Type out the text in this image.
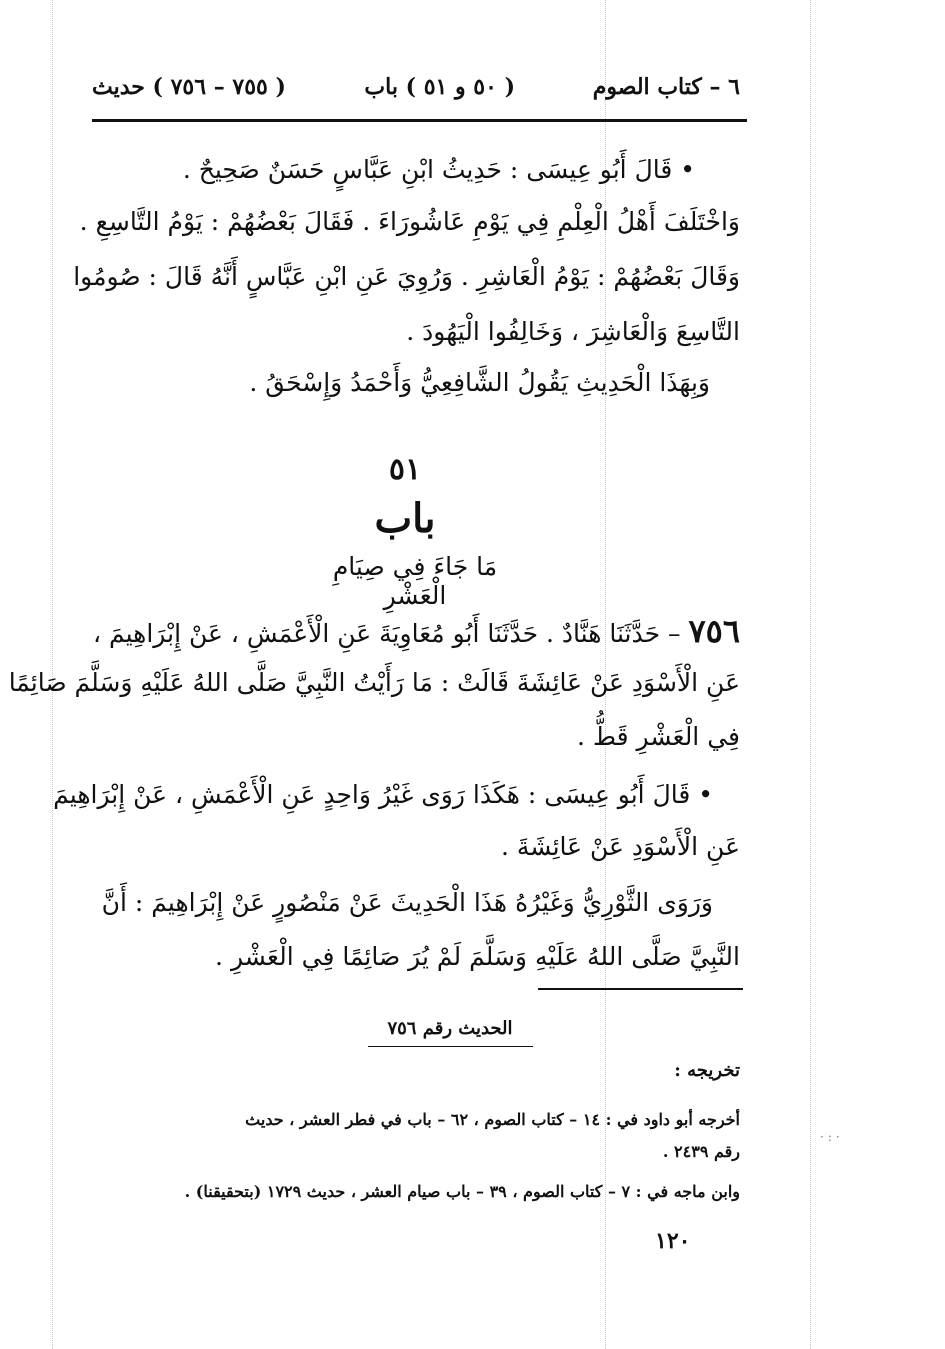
٦ – كتاب الصوم
( ٥٠ و ٥١ ) باب
( ٧٥٥ – ٧٥٦ ) حديث
• قَالَ أَبُو عِيسَى : حَدِيثُ ابْنِ عَبَّاسٍ حَسَنٌ صَحِيحٌ .
وَاخْتَلَفَ أَهْلُ الْعِلْمِ فِي يَوْمِ عَاشُورَاءَ . فَقَالَ بَعْضُهُمْ : يَوْمُ التَّاسِعِ .
وَقَالَ بَعْضُهُمْ : يَوْمُ الْعَاشِرِ . وَرُوِيَ عَنِ ابْنِ عَبَّاسٍ أَنَّهُ قَالَ : صُومُوا
التَّاسِعَ وَالْعَاشِرَ ، وَخَالِفُوا الْيَهُودَ .
وَبِهَذَا الْحَدِيثِ يَقُولُ الشَّافِعِيُّ وَأَحْمَدُ وَإِسْحَقُ .
٥١
باب
مَا جَاءَ فِي صِيَامِ الْعَشْرِ
٧٥٦ – حَدَّثَنَا هَنَّادٌ . حَدَّثَنَا أَبُو مُعَاوِيَةَ عَنِ الْأَعْمَشِ ، عَنْ إِبْرَاهِيمَ ،
عَنِ الْأَسْوَدِ عَنْ عَائِشَةَ قَالَتْ : مَا رَأَيْتُ النَّبِيَّ صَلَّى اللهُ عَلَيْهِ وَسَلَّمَ صَائِمًا
فِي الْعَشْرِ قَطُّ .
• قَالَ أَبُو عِيسَى : هَكَذَا رَوَى غَيْرُ وَاحِدٍ عَنِ الْأَعْمَشِ ، عَنْ إِبْرَاهِيمَ
عَنِ الْأَسْوَدِ عَنْ عَائِشَةَ .
وَرَوَى الثَّوْرِيُّ وَغَيْرُهُ هَذَا الْحَدِيثَ عَنْ مَنْصُورٍ عَنْ إِبْرَاهِيمَ : أَنَّ
النَّبِيَّ صَلَّى اللهُ عَلَيْهِ وَسَلَّمَ لَمْ يُرَ صَائِمًا فِي الْعَشْرِ .
الحديث رقم ٧٥٦
تخريجه :
أخرجه أبو داود في : ١٤ – كتاب الصوم ، ٦٢ – باب في فطر العشر ، حديث
رقم ٢٤٣٩ .
وابن ماجه في : ٧ – كتاب الصوم ، ٣٩ – باب صيام العشر ، حديث ١٧٢٩ (بتحقيقنا) .
١٢٠
·:·
